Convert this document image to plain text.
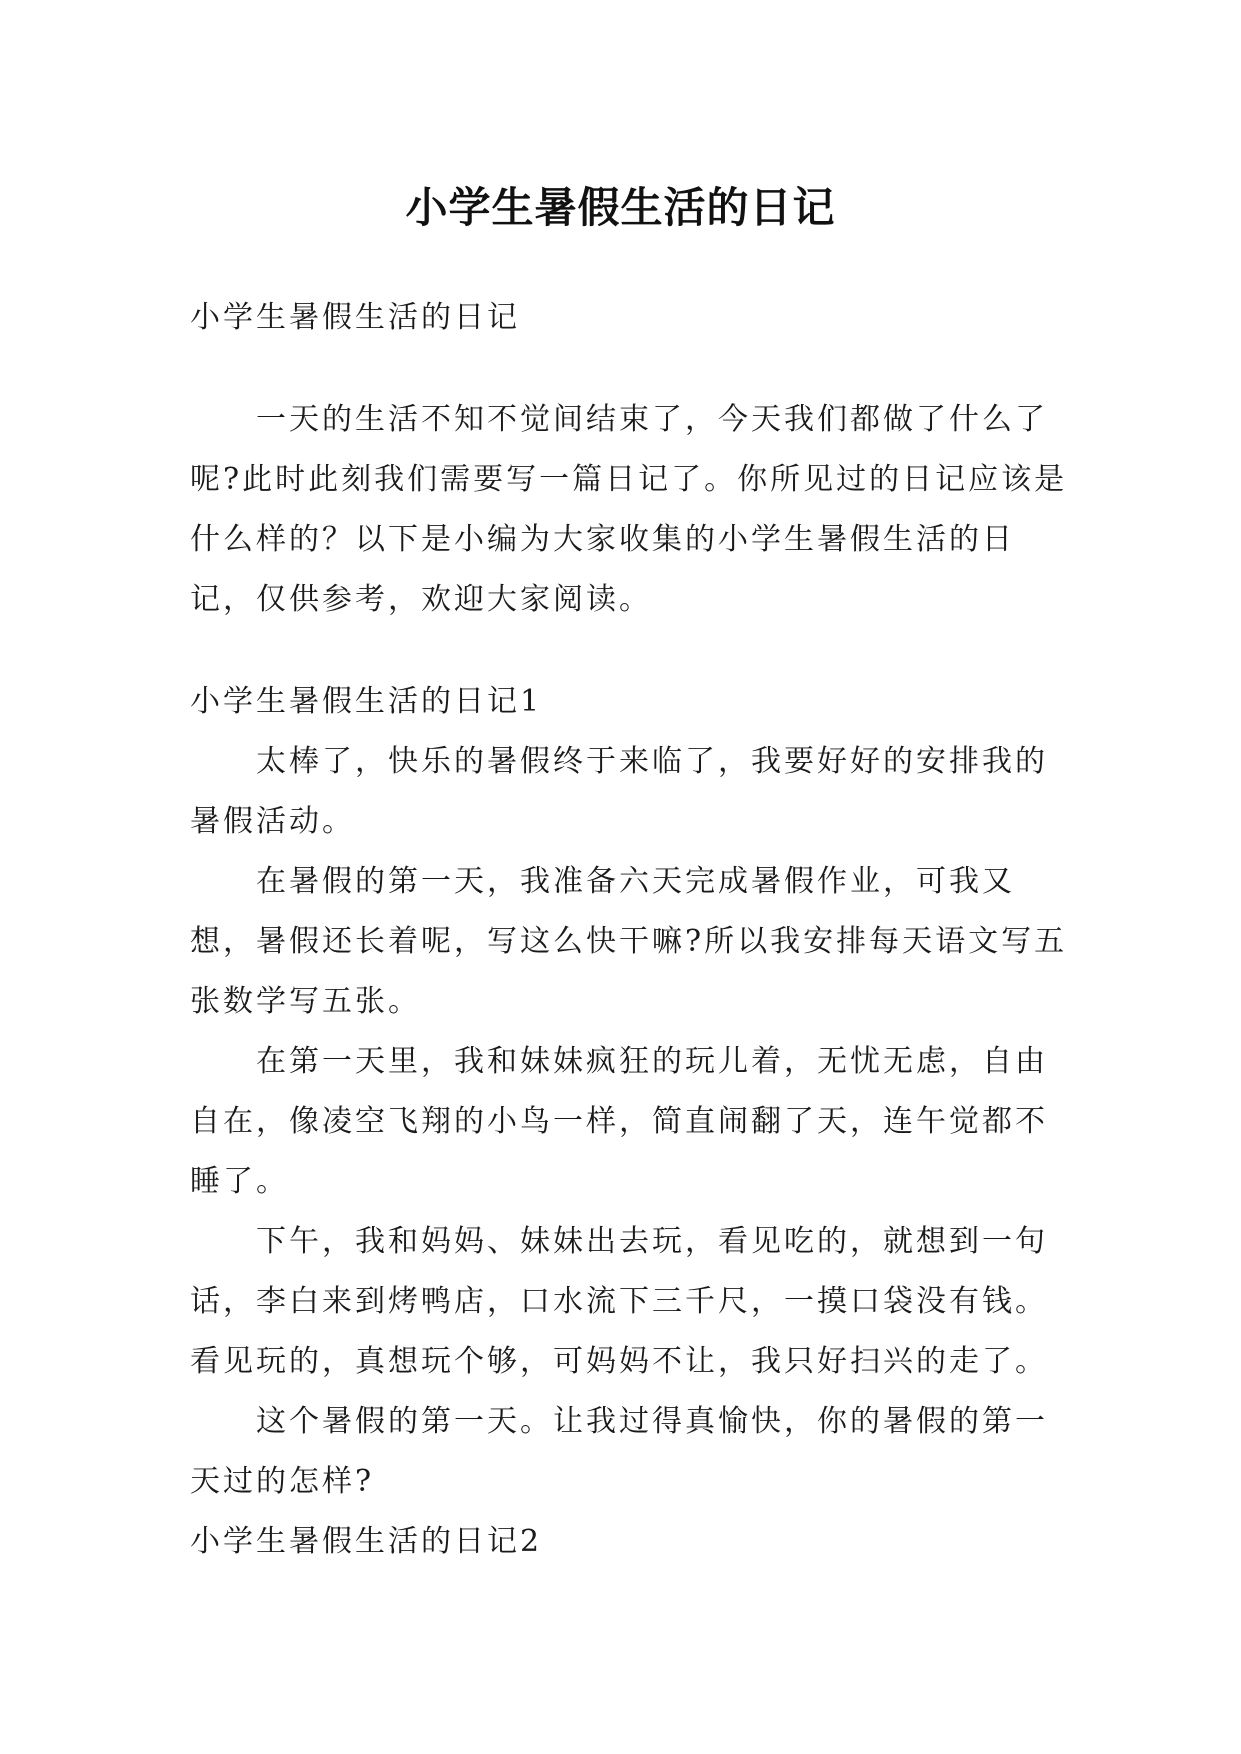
小学生暑假生活的日记

小学生暑假生活的日记

一天的生活不知不觉间结束了，今天我们都做了什么了呢?此时此刻我们需要写一篇日记了。你所见过的日记应该是什么样的？以下是小编为大家收集的小学生暑假生活的日记，仅供参考，欢迎大家阅读。

小学生暑假生活的日记1

太棒了，快乐的暑假终于来临了，我要好好的安排我的暑假活动。

在暑假的第一天，我准备六天完成暑假作业，可我又想，暑假还长着呢，写这么快干嘛?所以我安排每天语文写五张数学写五张。

在第一天里，我和妹妹疯狂的玩儿着，无忧无虑，自由自在，像凌空飞翔的小鸟一样，简直闹翻了天，连午觉都不睡了。

下午，我和妈妈、妹妹出去玩，看见吃的，就想到一句话，李白来到烤鸭店，口水流下三千尺，一摸口袋没有钱。看见玩的，真想玩个够，可妈妈不让，我只好扫兴的走了。

这个暑假的第一天。让我过得真愉快，你的暑假的第一天过的怎样?

小学生暑假生活的日记2
